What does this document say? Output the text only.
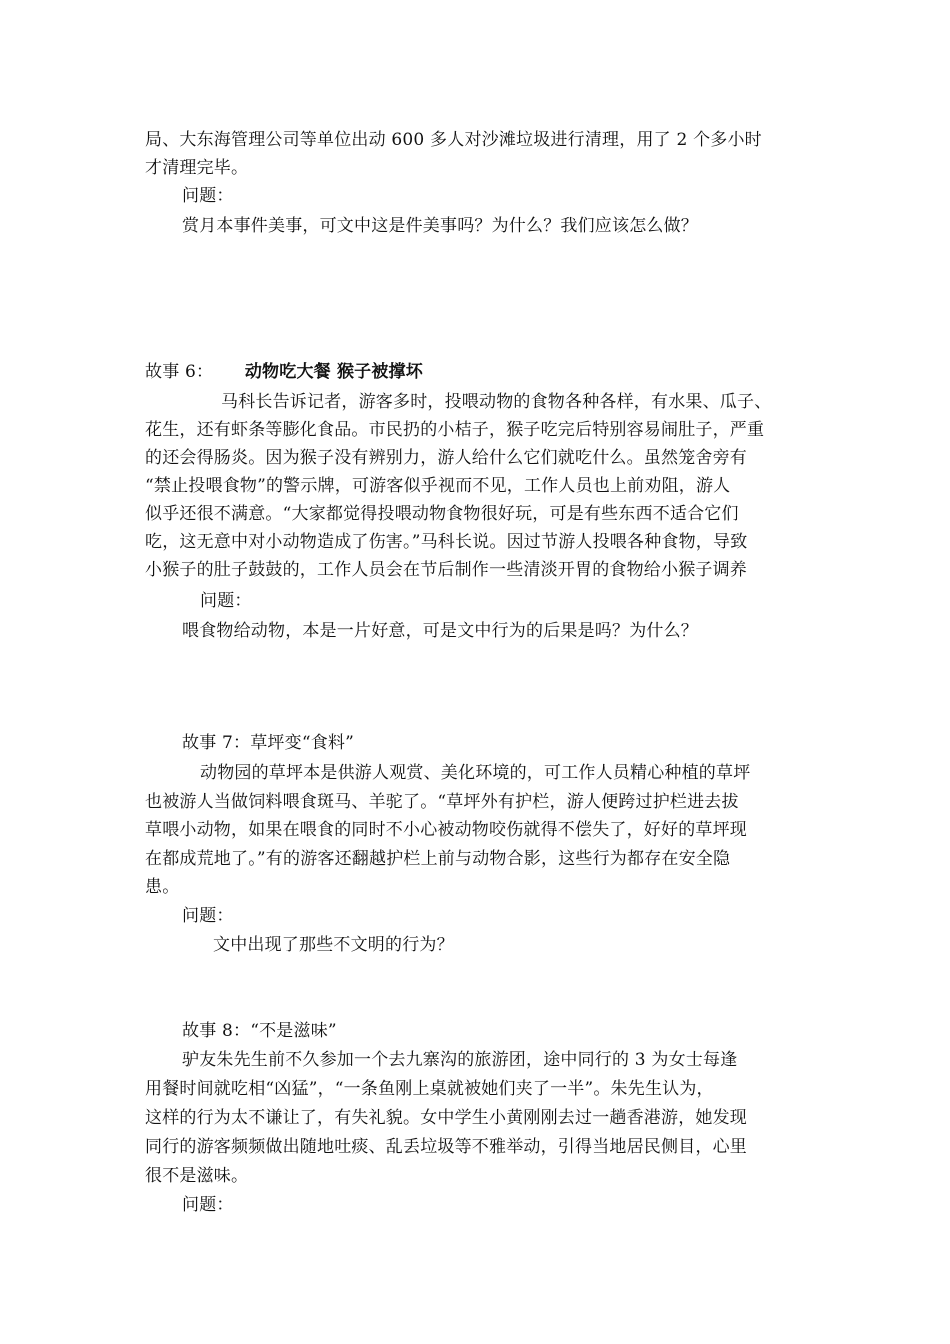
局、大东海管理公司等单位出动 600 多人对沙滩垃圾进行清理，用了 2 个多小时
才清理完毕。
问题：
赏月本事件美事，可文中这是件美事吗？为什么？我们应该怎么做？
故事 6： 动物吃大餐 猴子被撑坏
马科长告诉记者，游客多时，投喂动物的食物各种各样，有水果、瓜子、
花生，还有虾条等膨化食品。市民扔的小桔子，猴子吃完后特别容易闹肚子，严重
的还会得肠炎。因为猴子没有辨别力，游人给什么它们就吃什么。虽然笼舍旁有
“禁止投喂食物”的警示牌，可游客似乎视而不见，工作人员也上前劝阻，游人
似乎还很不满意。“大家都觉得投喂动物食物很好玩，可是有些东西不适合它们
吃，这无意中对小动物造成了伤害。”马科长说。因过节游人投喂各种食物，导致
小猴子的肚子鼓鼓的，工作人员会在节后制作一些清淡开胃的食物给小猴子调养
问题：
喂食物给动物，本是一片好意，可是文中行为的后果是吗？为什么？
故事 7：草坪变“食料”
动物园的草坪本是供游人观赏、美化环境的，可工作人员精心种植的草坪
也被游人当做饲料喂食斑马、羊驼了。“草坪外有护栏，游人便跨过护栏进去拔
草喂小动物，如果在喂食的同时不小心被动物咬伤就得不偿失了，好好的草坪现
在都成荒地了。”有的游客还翻越护栏上前与动物合影，这些行为都存在安全隐
患。
问题：
文中出现了那些不文明的行为？
故事 8：“不是滋味”
驴友朱先生前不久参加一个去九寨沟的旅游团，途中同行的 3 为女士每逢
用餐时间就吃相“凶猛”，“一条鱼刚上桌就被她们夹了一半”。朱先生认为，
这样的行为太不谦让了，有失礼貌。女中学生小黄刚刚去过一趟香港游，她发现
同行的游客频频做出随地吐痰、乱丢垃圾等不雅举动，引得当地居民侧目，心里
很不是滋味。
问题：
